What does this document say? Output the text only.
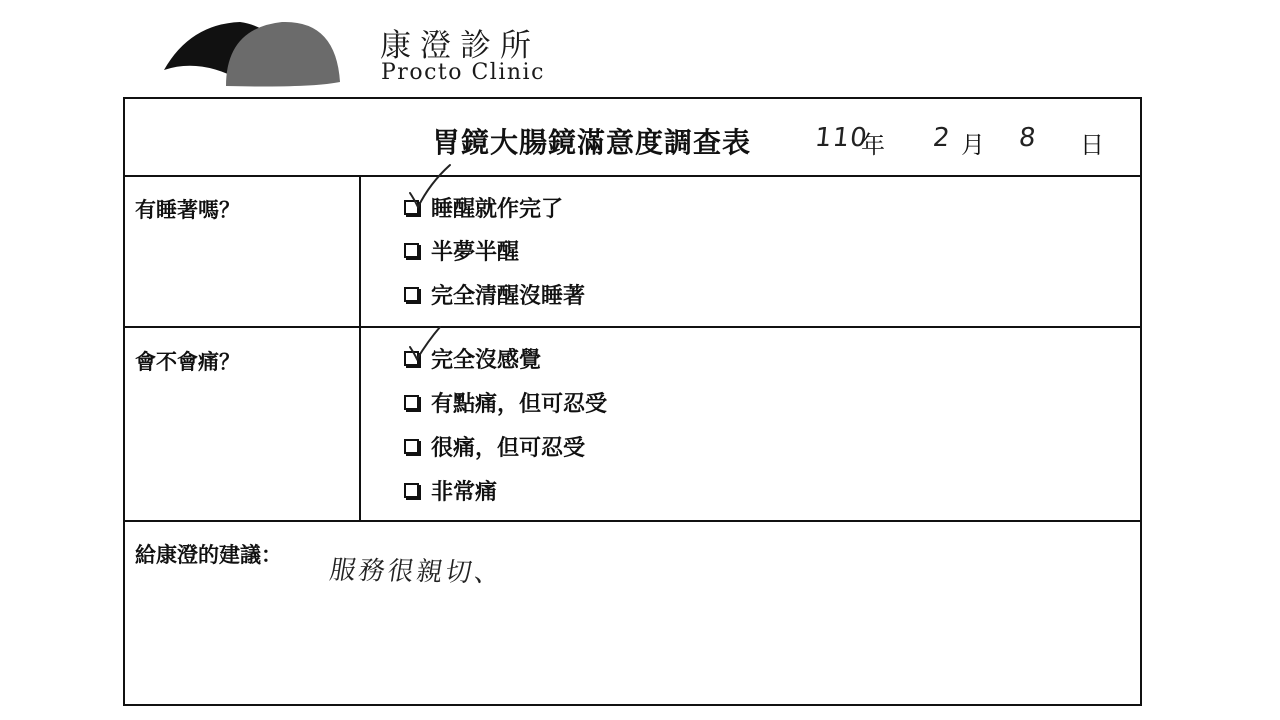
康澄診所
Procto Clinic
胃鏡大腸鏡滿意度調查表 110
年 2 月 8 日
有睡著嗎？	睡醒就作完了
半夢半醒
完全清醒沒睡著
會不會痛？	完全沒感覺
有點痛，但可忍受
很痛，但可忍受
非常痛
給康澄的建議：
服務很親切、
